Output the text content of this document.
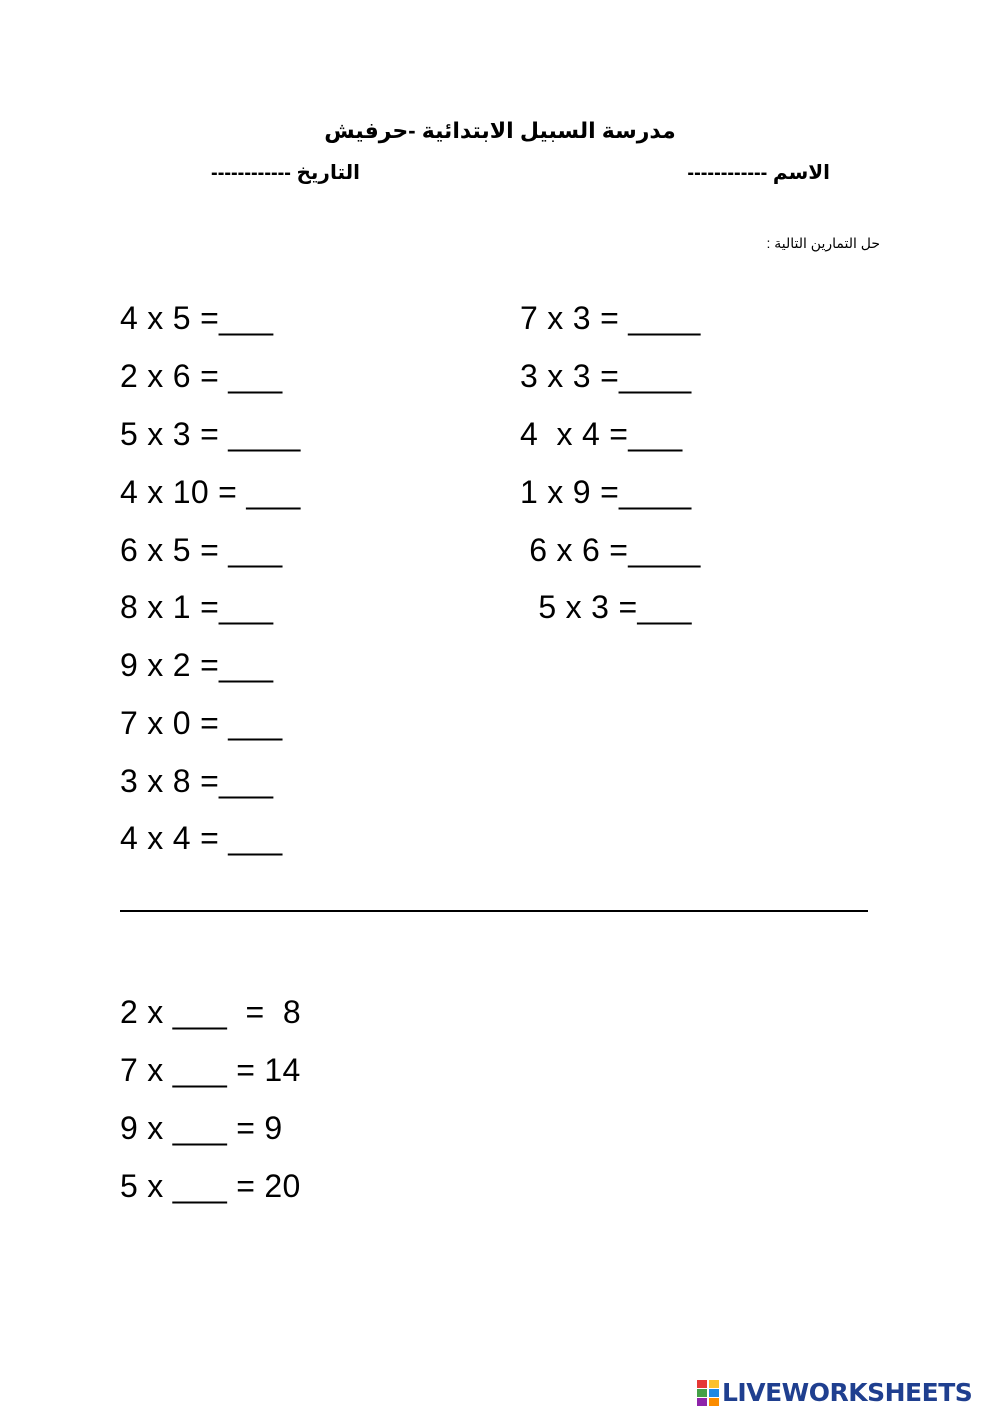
مدرسة السبيل الابتدائية -حرفيش
الاسم ------------
التاريخ ------------
حل التمارين التالية :
4 x 5 =___
2 x 6 = ___
5 x 3 = ____
4 x 10 = ___
6 x 5 = ___
8 x 1 =___
9 x 2 =___
7 x 0 = ___
3 x 8 =___
4 x 4 = ___
7 x 3 = ____
3 x 3 =____
4  x 4 =___
1 x 9 =____
6 x 6 =____
5 x 3 =___
2 x ___  =  8
7 x ___ = 14
9 x ___ = 9
5 x ___ = 20
LIVEWORKSHEETS
